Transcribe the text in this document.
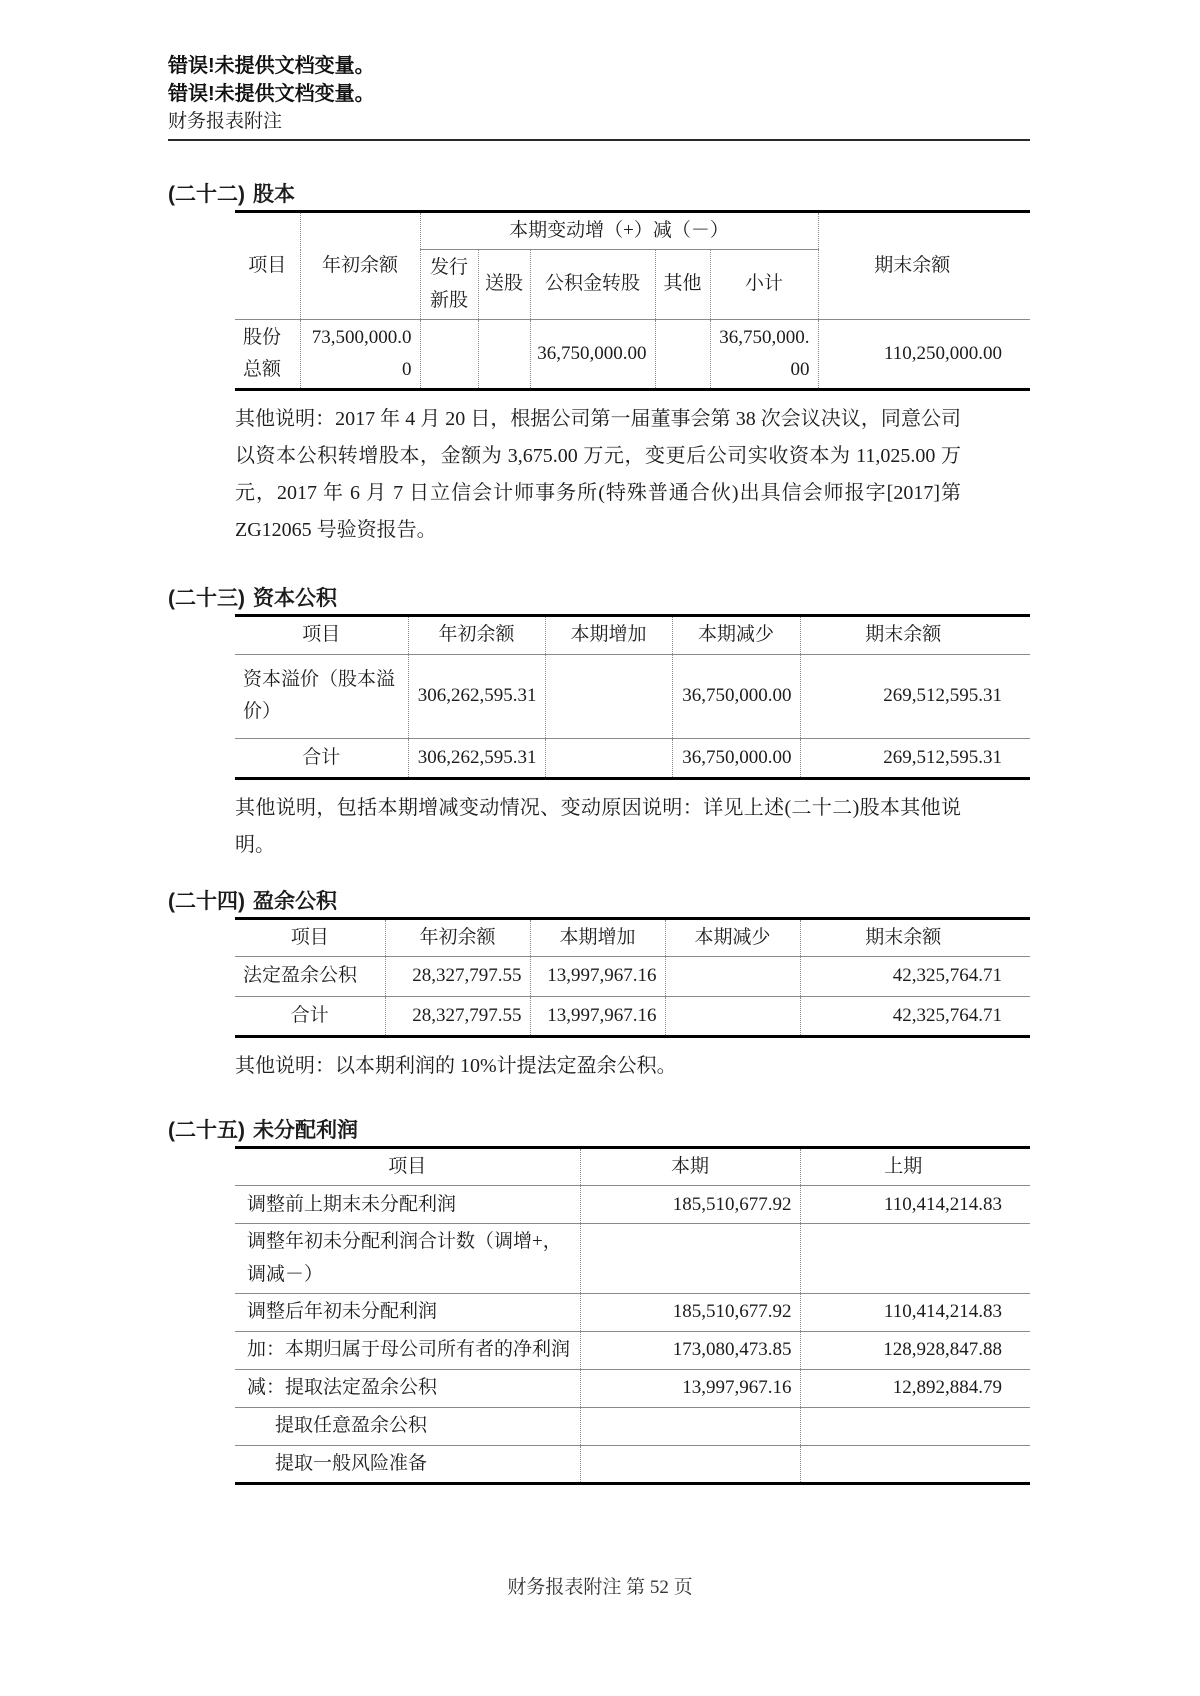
错误!未提供文档变量。
错误!未提供文档变量。
财务报表附注
(二十二) 股本
项目	年初余额	本期变动增（+）减（－）					期末余额
		发行新股	送股	公积金转股	其他	小计	
股份总额	73,500,000.00			36,750,000.00		36,750,000.00	110,250,000.00

其他说明：2017 年 4 月 20 日，根据公司第一届董事会第 38 次会议决议，同意公司以资本公积转增股本，金额为 3,675.00 万元，变更后公司实收资本为 11,025.00 万元，2017 年 6 月 7 日立信会计师事务所(特殊普通合伙)出具信会师报字[2017]第 ZG12065 号验资报告。

(二十三) 资本公积
项目	年初余额	本期增加	本期减少	期末余额
资本溢价（股本溢价）	306,262,595.31		36,750,000.00	269,512,595.31
合计	306,262,595.31		36,750,000.00	269,512,595.31

其他说明，包括本期增减变动情况、变动原因说明：详见上述(二十二)股本其他说明。

(二十四) 盈余公积
项目	年初余额	本期增加	本期减少	期末余额
法定盈余公积	28,327,797.55	13,997,967.16		42,325,764.71
合计	28,327,797.55	13,997,967.16		42,325,764.71

其他说明：以本期利润的 10%计提法定盈余公积。

(二十五) 未分配利润
项目	本期	上期
调整前上期末未分配利润	185,510,677.92	110,414,214.83
调整年初未分配利润合计数（调增+，调减－）		
调整后年初未分配利润	185,510,677.92	110,414,214.83
加：本期归属于母公司所有者的净利润	173,080,473.85	128,928,847.88
减：提取法定盈余公积	13,997,967.16	12,892,884.79
提取任意盈余公积		
提取一般风险准备		
财务报表附注 第 52 页
